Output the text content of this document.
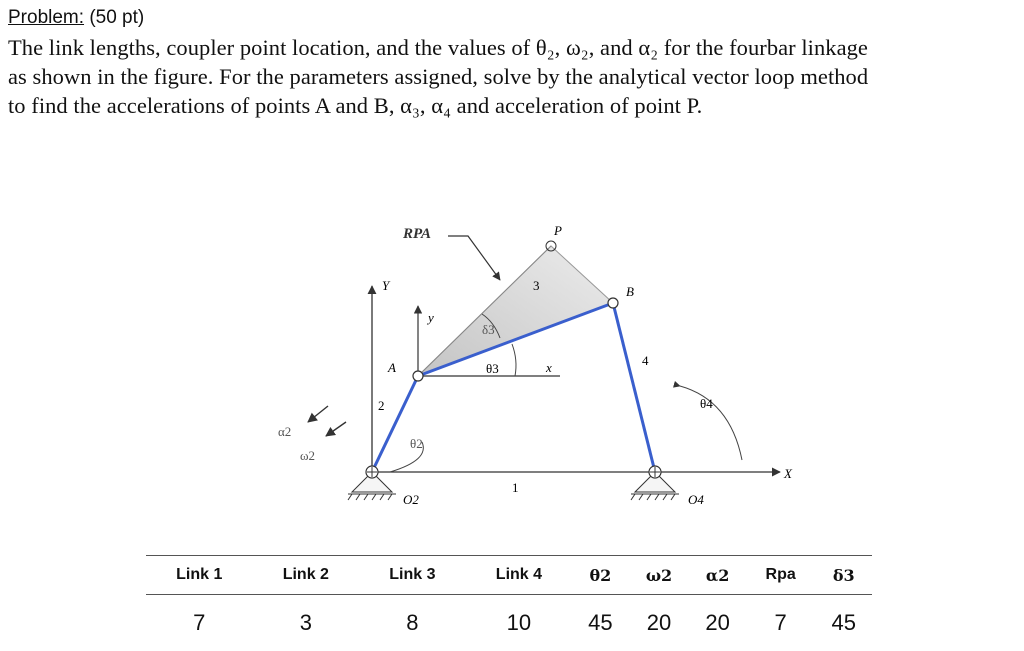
Problem: (50 pt)
The link lengths, coupler point location, and the values of θ₂, ω₂, and α₂ for the fourbar linkage
as shown in the figure. For the parameters assigned, solve by the analytical vector loop method
to find the accelerations of points A and B, α₃, α₄ and acceleration of point P.
RPA	P
B
A
Y
X
y
x
2
3
4
1
δ3
θ3
θ2
θ4
α2
ω2
O2	O4
Link 1	Link 2	Link 3	Link 4	θ2	ω2	α2	Rpa	δ3
7	3	8	10	45	20	20	7	45
